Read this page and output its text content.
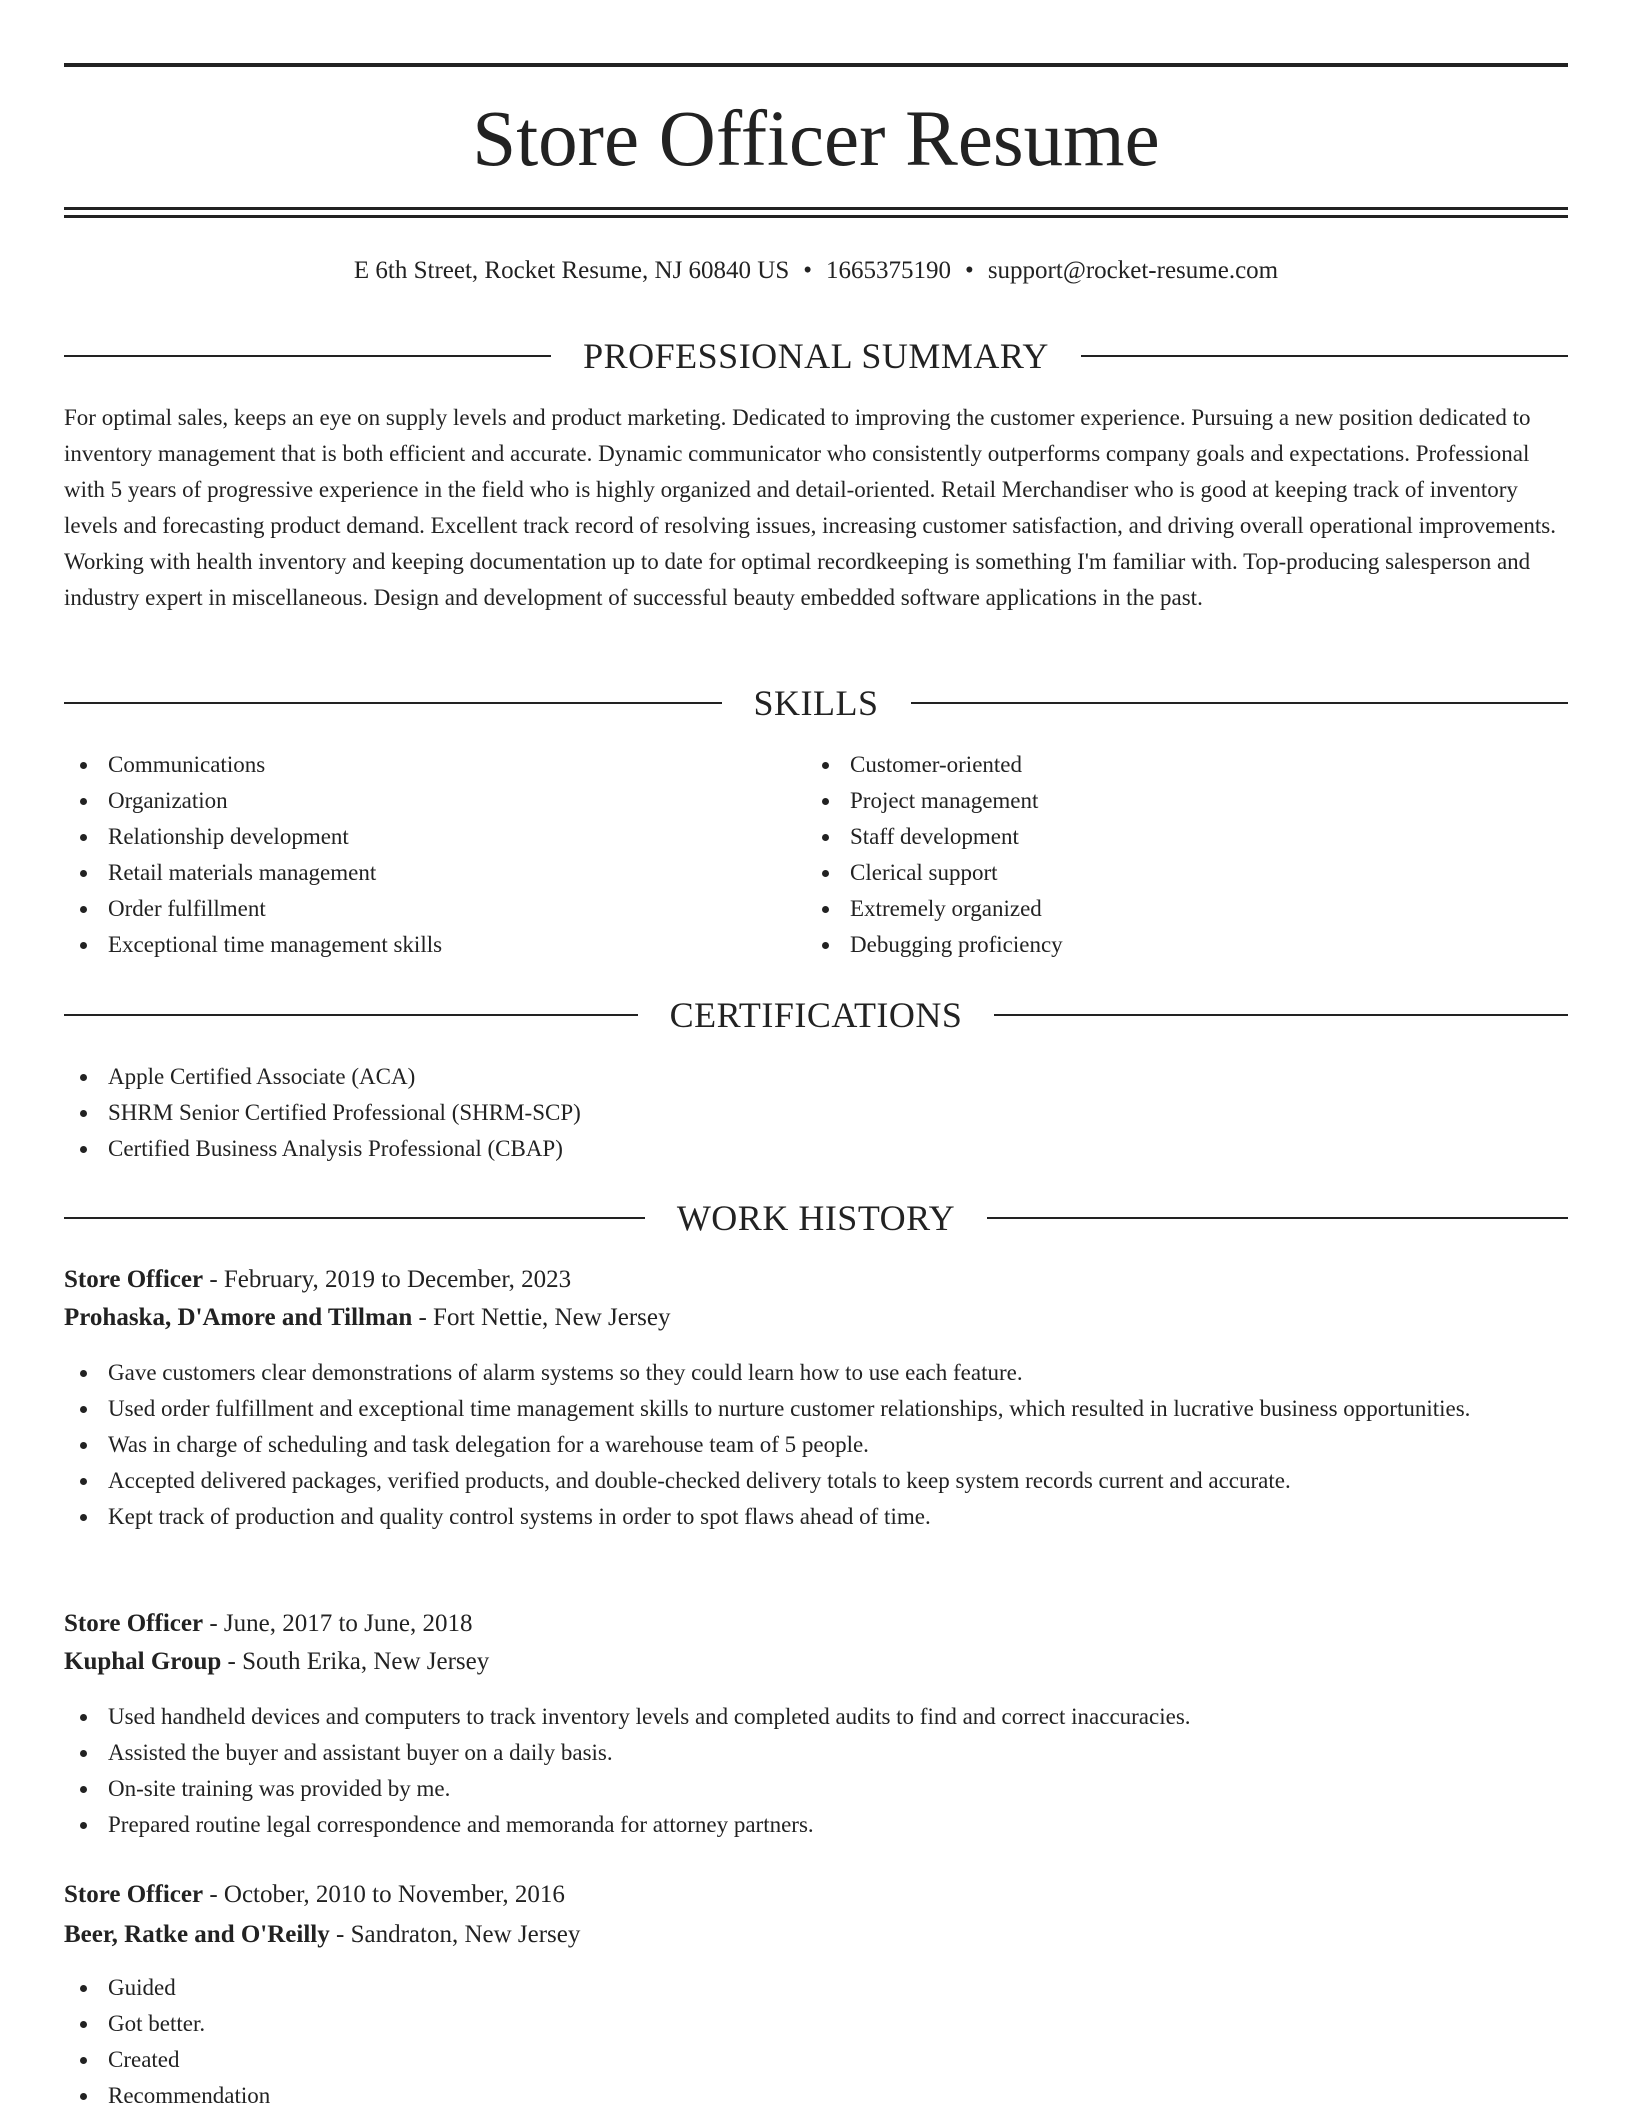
Store Officer Resume
E 6th Street, Rocket Resume, NJ 60840 US • 1665375190 • support@rocket-resume.com
PROFESSIONAL SUMMARY

For optimal sales, keeps an eye on supply levels and product marketing. Dedicated to improving the customer experience. Pursuing a new position dedicated to inventory management that is both efficient and accurate. Dynamic communicator who consistently outperforms company goals and expectations. Professional with 5 years of progressive experience in the field who is highly organized and detail-oriented. Retail Merchandiser who is good at keeping track of inventory levels and forecasting product demand. Excellent track record of resolving issues, increasing customer satisfaction, and driving overall operational improvements. Working with health inventory and keeping documentation up to date for optimal recordkeeping is something I'm familiar with. Top-producing salesperson and industry expert in miscellaneous. Design and development of successful beauty embedded software applications in the past.

SKILLS
Communications
Organization
Relationship development
Retail materials management
Order fulfillment
Exceptional time management skills
Customer-oriented
Project management
Staff development
Clerical support
Extremely organized
Debugging proficiency
CERTIFICATIONS
Apple Certified Associate (ACA)
SHRM Senior Certified Professional (SHRM-SCP)
Certified Business Analysis Professional (CBAP)
WORK HISTORY
Store Officer - February, 2019 to December, 2023
Prohaska, D'Amore and Tillman - Fort Nettie, New Jersey
Gave customers clear demonstrations of alarm systems so they could learn how to use each feature.
Used order fulfillment and exceptional time management skills to nurture customer relationships, which resulted in lucrative business opportunities.
Was in charge of scheduling and task delegation for a warehouse team of 5 people.
Accepted delivered packages, verified products, and double-checked delivery totals to keep system records current and accurate.
Kept track of production and quality control systems in order to spot flaws ahead of time.
Store Officer - June, 2017 to June, 2018
Kuphal Group - South Erika, New Jersey
Used handheld devices and computers to track inventory levels and completed audits to find and correct inaccuracies.
Assisted the buyer and assistant buyer on a daily basis.
On-site training was provided by me.
Prepared routine legal correspondence and memoranda for attorney partners.
Store Officer - October, 2010 to November, 2016
Beer, Ratke and O'Reilly - Sandraton, New Jersey
Guided
Got better.
Created
Recommendation
